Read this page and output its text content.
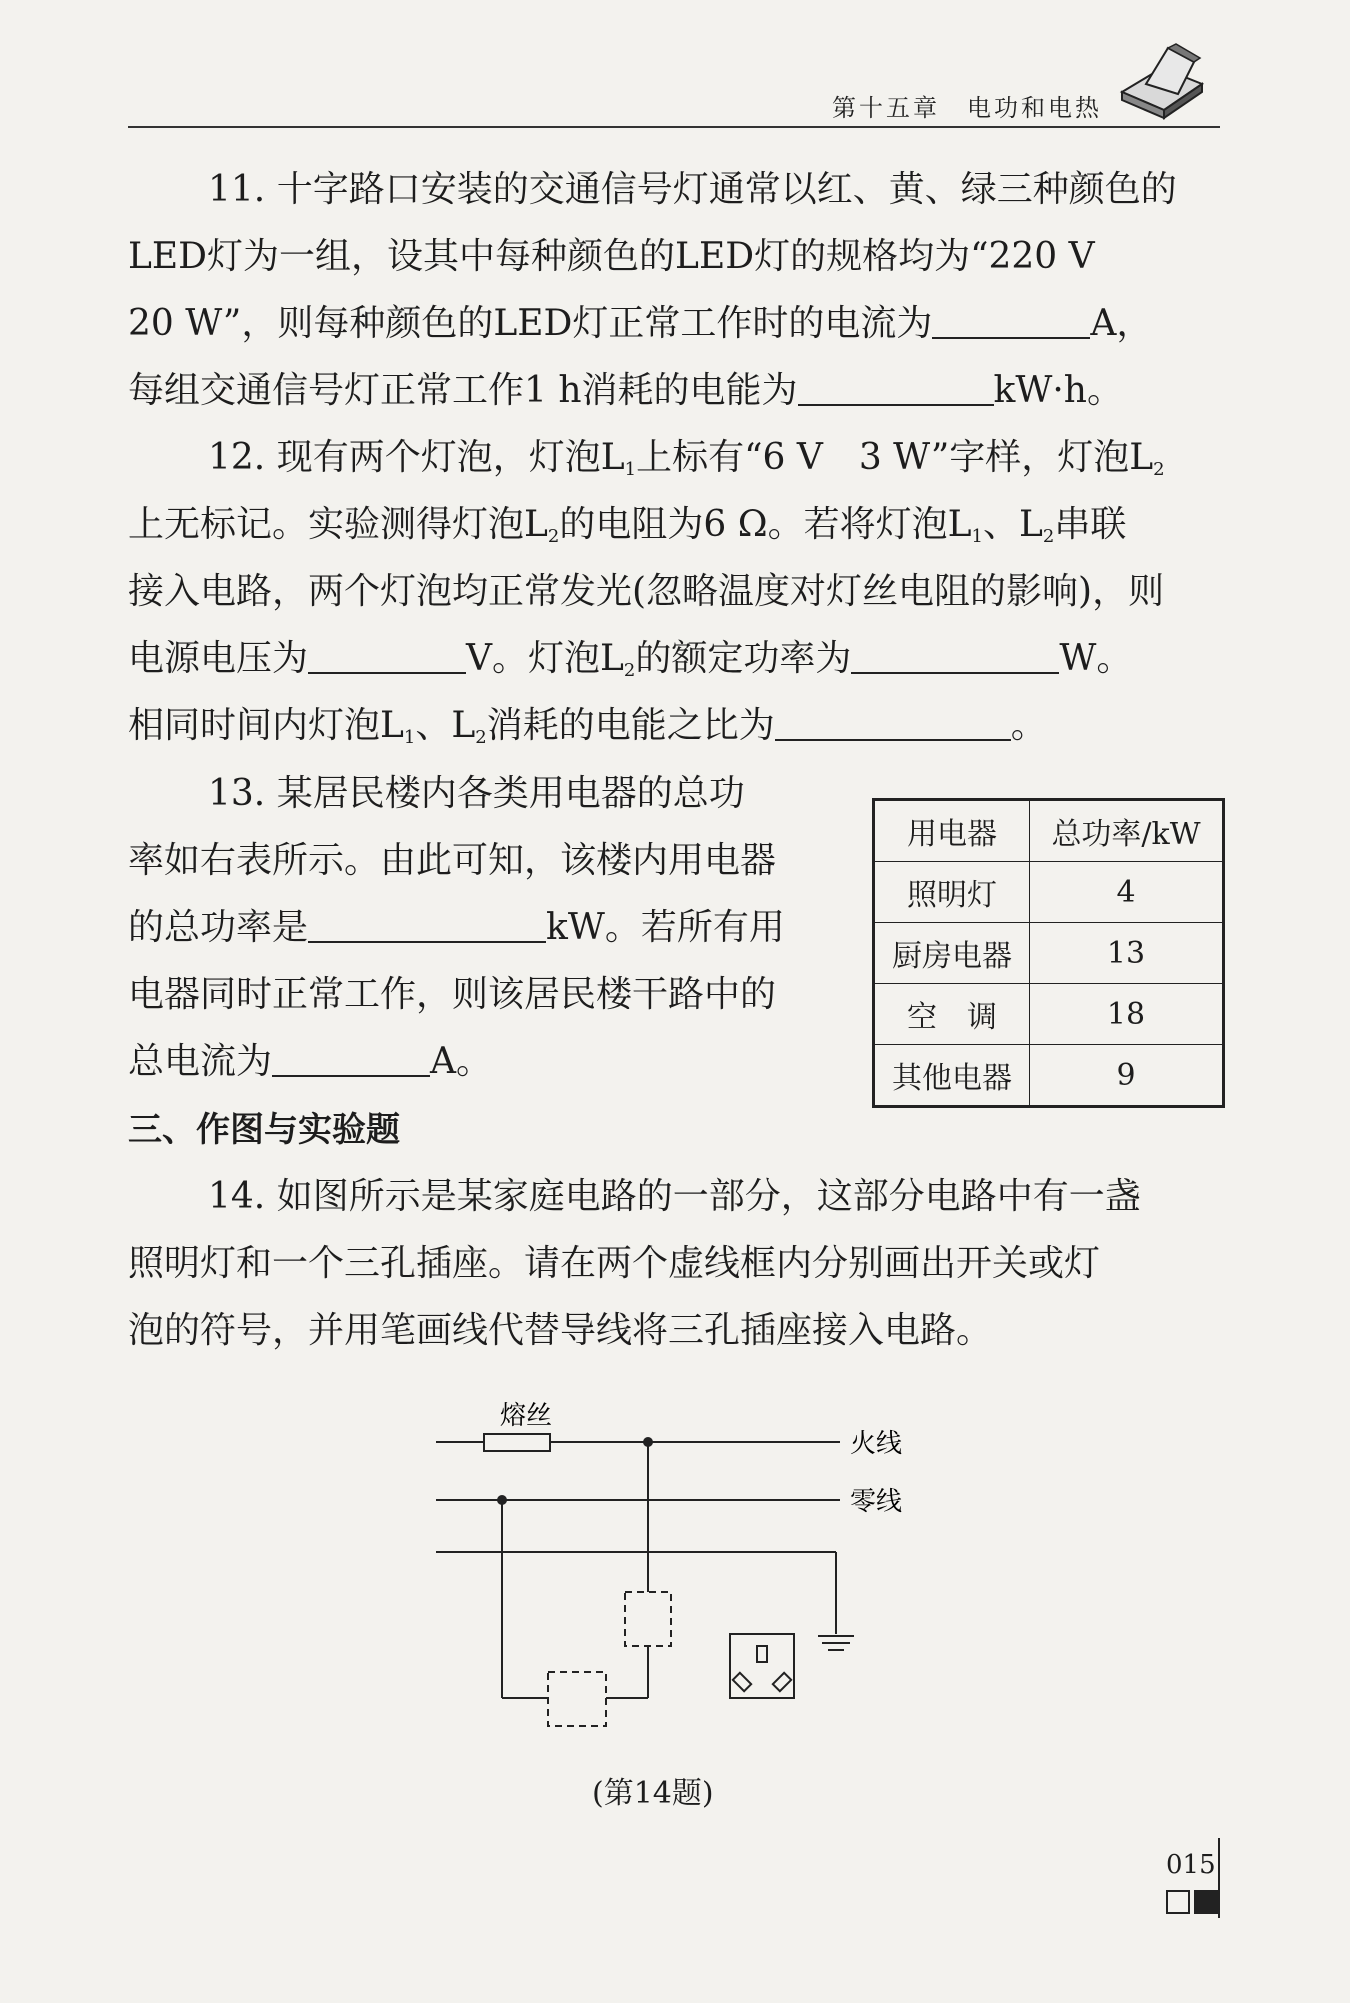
第十五章　电功和电热
11. 十字路口安装的交通信号灯通常以红、黄、绿三种颜色的
LED灯为一组，设其中每种颜色的LED灯的规格均为“220 V
20 W”，则每种颜色的LED灯正常工作时的电流为	A，
每组交通信号灯正常工作1 h消耗的电能为	kW·h。
12. 现有两个灯泡，灯泡$L_1$上标有“6 V　3 W”字样，灯泡$L_2$
上无标记。实验测得灯泡$L_2$的电阻为6 Ω。若将灯泡$L_1$、$L_2$串联
接入电路，两个灯泡均正常发光(忽略温度对灯丝电阻的影响)，则
电源电压为	V。灯泡$L_2$的额定功率为	W。
相同时间内灯泡$L_1$、$L_2$消耗的电能之比为	。
13. 某居民楼内各类用电器的总功
率如右表所示。由此可知，该楼内用电器
的总功率是	kW。若所有用
电器同时正常工作，则该居民楼干路中的
总电流为	A。
用电器	总功率/kW
照明灯	4
厨房电器	13
空　调	18
其他电器	9
三、作图与实验题
14. 如图所示是某家庭电路的一部分，这部分电路中有一盏
照明灯和一个三孔插座。请在两个虚线框内分别画出开关或灯
泡的符号，并用笔画线代替导线将三孔插座接入电路。
熔丝
火线
零线
(第14题)
015
